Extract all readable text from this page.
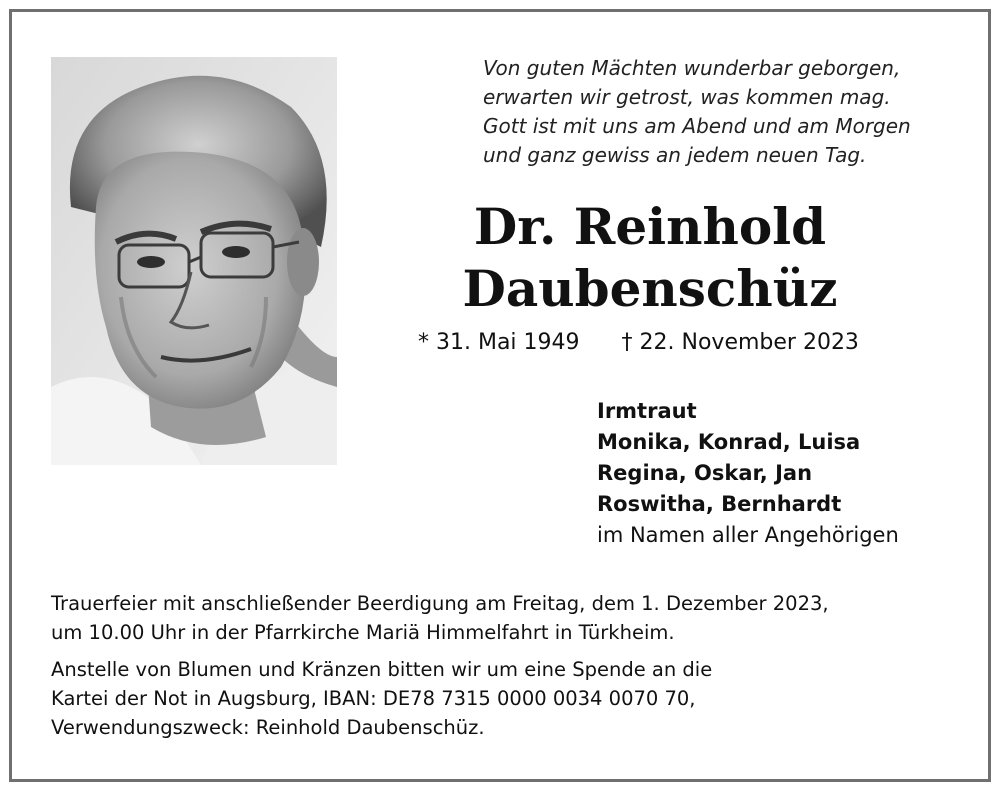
Von guten Mächten wunderbar geborgen,
erwarten wir getrost, was kommen mag.
Gott ist mit uns am Abend und am Morgen
und ganz gewiss an jedem neuen Tag.
Dr. Reinhold
Daubenschüz
* 31. Mai 1949 † 22. November 2023
Irmtraut
Monika, Konrad, Luisa
Regina, Oskar, Jan
Roswitha, Bernhardt
im Namen aller Angehörigen
Trauerfeier mit anschließender Beerdigung am Freitag, dem 1. Dezember 2023,
um 10.00 Uhr in der Pfarrkirche Mariä Himmelfahrt in Türkheim.
Anstelle von Blumen und Kränzen bitten wir um eine Spende an die
Kartei der Not in Augsburg, IBAN: DE78 7315 0000 0034 0070 70,
Verwendungszweck: Reinhold Daubenschüz.
